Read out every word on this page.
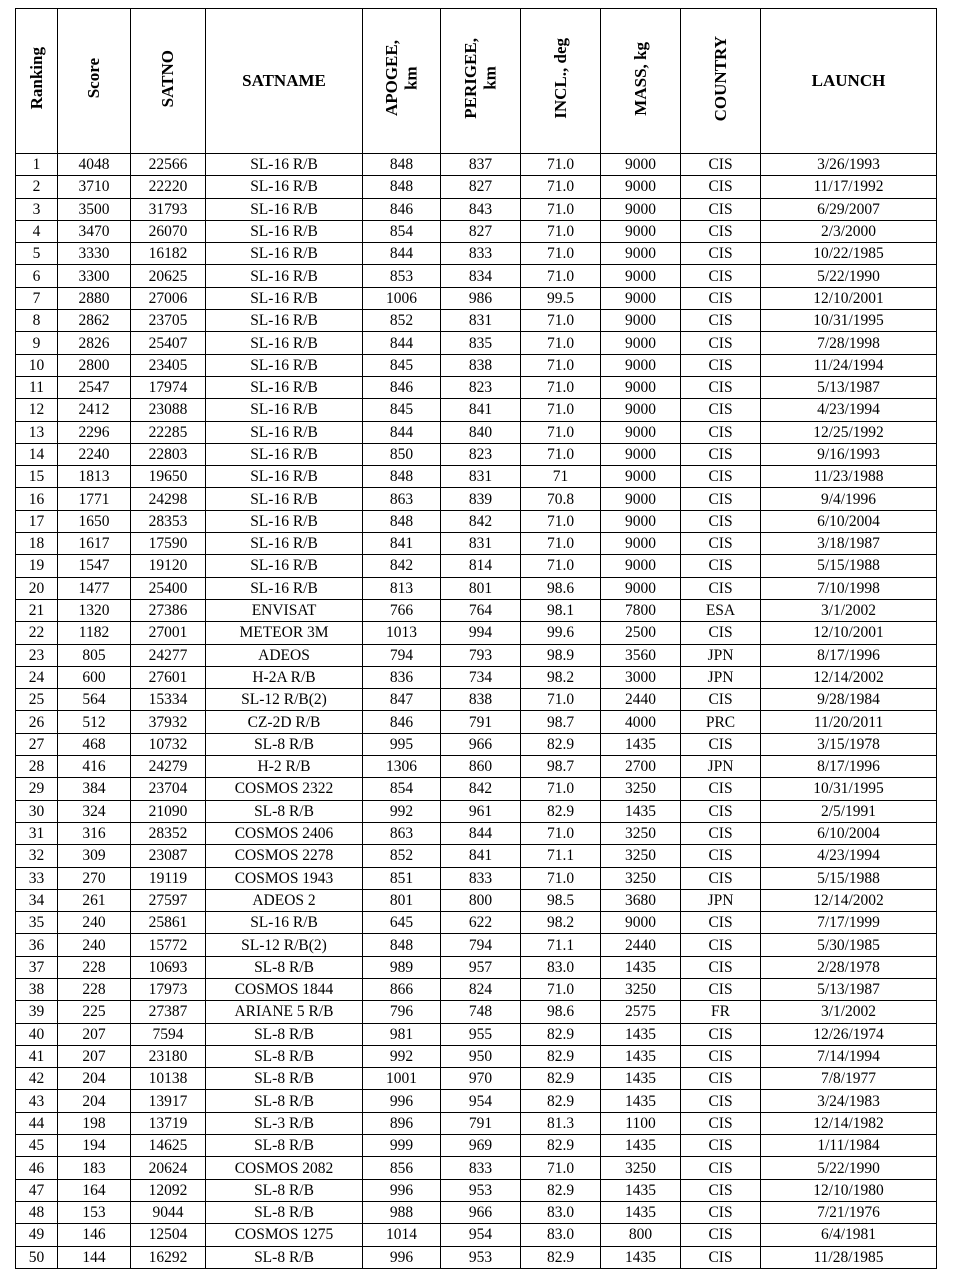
Ranking	Score	SATNO	SATNAME	APOGEE,
km	PERIGEE,
km	INCL., deg	MASS, kg	COUNTRY	LAUNCH
1	4048	22566	SL-16 R/B	848	837	71.0	9000	CIS	3/26/1993
2	3710	22220	SL-16 R/B	848	827	71.0	9000	CIS	11/17/1992
3	3500	31793	SL-16 R/B	846	843	71.0	9000	CIS	6/29/2007
4	3470	26070	SL-16 R/B	854	827	71.0	9000	CIS	2/3/2000
5	3330	16182	SL-16 R/B	844	833	71.0	9000	CIS	10/22/1985
6	3300	20625	SL-16 R/B	853	834	71.0	9000	CIS	5/22/1990
7	2880	27006	SL-16 R/B	1006	986	99.5	9000	CIS	12/10/2001
8	2862	23705	SL-16 R/B	852	831	71.0	9000	CIS	10/31/1995
9	2826	25407	SL-16 R/B	844	835	71.0	9000	CIS	7/28/1998
10	2800	23405	SL-16 R/B	845	838	71.0	9000	CIS	11/24/1994
11	2547	17974	SL-16 R/B	846	823	71.0	9000	CIS	5/13/1987
12	2412	23088	SL-16 R/B	845	841	71.0	9000	CIS	4/23/1994
13	2296	22285	SL-16 R/B	844	840	71.0	9000	CIS	12/25/1992
14	2240	22803	SL-16 R/B	850	823	71.0	9000	CIS	9/16/1993
15	1813	19650	SL-16 R/B	848	831	71	9000	CIS	11/23/1988
16	1771	24298	SL-16 R/B	863	839	70.8	9000	CIS	9/4/1996
17	1650	28353	SL-16 R/B	848	842	71.0	9000	CIS	6/10/2004
18	1617	17590	SL-16 R/B	841	831	71.0	9000	CIS	3/18/1987
19	1547	19120	SL-16 R/B	842	814	71.0	9000	CIS	5/15/1988
20	1477	25400	SL-16 R/B	813	801	98.6	9000	CIS	7/10/1998
21	1320	27386	ENVISAT	766	764	98.1	7800	ESA	3/1/2002
22	1182	27001	METEOR 3M	1013	994	99.6	2500	CIS	12/10/2001
23	805	24277	ADEOS	794	793	98.9	3560	JPN	8/17/1996
24	600	27601	H-2A R/B	836	734	98.2	3000	JPN	12/14/2002
25	564	15334	SL-12 R/B(2)	847	838	71.0	2440	CIS	9/28/1984
26	512	37932	CZ-2D R/B	846	791	98.7	4000	PRC	11/20/2011
27	468	10732	SL-8 R/B	995	966	82.9	1435	CIS	3/15/1978
28	416	24279	H-2 R/B	1306	860	98.7	2700	JPN	8/17/1996
29	384	23704	COSMOS 2322	854	842	71.0	3250	CIS	10/31/1995
30	324	21090	SL-8 R/B	992	961	82.9	1435	CIS	2/5/1991
31	316	28352	COSMOS 2406	863	844	71.0	3250	CIS	6/10/2004
32	309	23087	COSMOS 2278	852	841	71.1	3250	CIS	4/23/1994
33	270	19119	COSMOS 1943	851	833	71.0	3250	CIS	5/15/1988
34	261	27597	ADEOS 2	801	800	98.5	3680	JPN	12/14/2002
35	240	25861	SL-16 R/B	645	622	98.2	9000	CIS	7/17/1999
36	240	15772	SL-12 R/B(2)	848	794	71.1	2440	CIS	5/30/1985
37	228	10693	SL-8 R/B	989	957	83.0	1435	CIS	2/28/1978
38	228	17973	COSMOS 1844	866	824	71.0	3250	CIS	5/13/1987
39	225	27387	ARIANE 5 R/B	796	748	98.6	2575	FR	3/1/2002
40	207	7594	SL-8 R/B	981	955	82.9	1435	CIS	12/26/1974
41	207	23180	SL-8 R/B	992	950	82.9	1435	CIS	7/14/1994
42	204	10138	SL-8 R/B	1001	970	82.9	1435	CIS	7/8/1977
43	204	13917	SL-8 R/B	996	954	82.9	1435	CIS	3/24/1983
44	198	13719	SL-3 R/B	896	791	81.3	1100	CIS	12/14/1982
45	194	14625	SL-8 R/B	999	969	82.9	1435	CIS	1/11/1984
46	183	20624	COSMOS 2082	856	833	71.0	3250	CIS	5/22/1990
47	164	12092	SL-8 R/B	996	953	82.9	1435	CIS	12/10/1980
48	153	9044	SL-8 R/B	988	966	83.0	1435	CIS	7/21/1976
49	146	12504	COSMOS 1275	1014	954	83.0	800	CIS	6/4/1981
50	144	16292	SL-8 R/B	996	953	82.9	1435	CIS	11/28/1985
